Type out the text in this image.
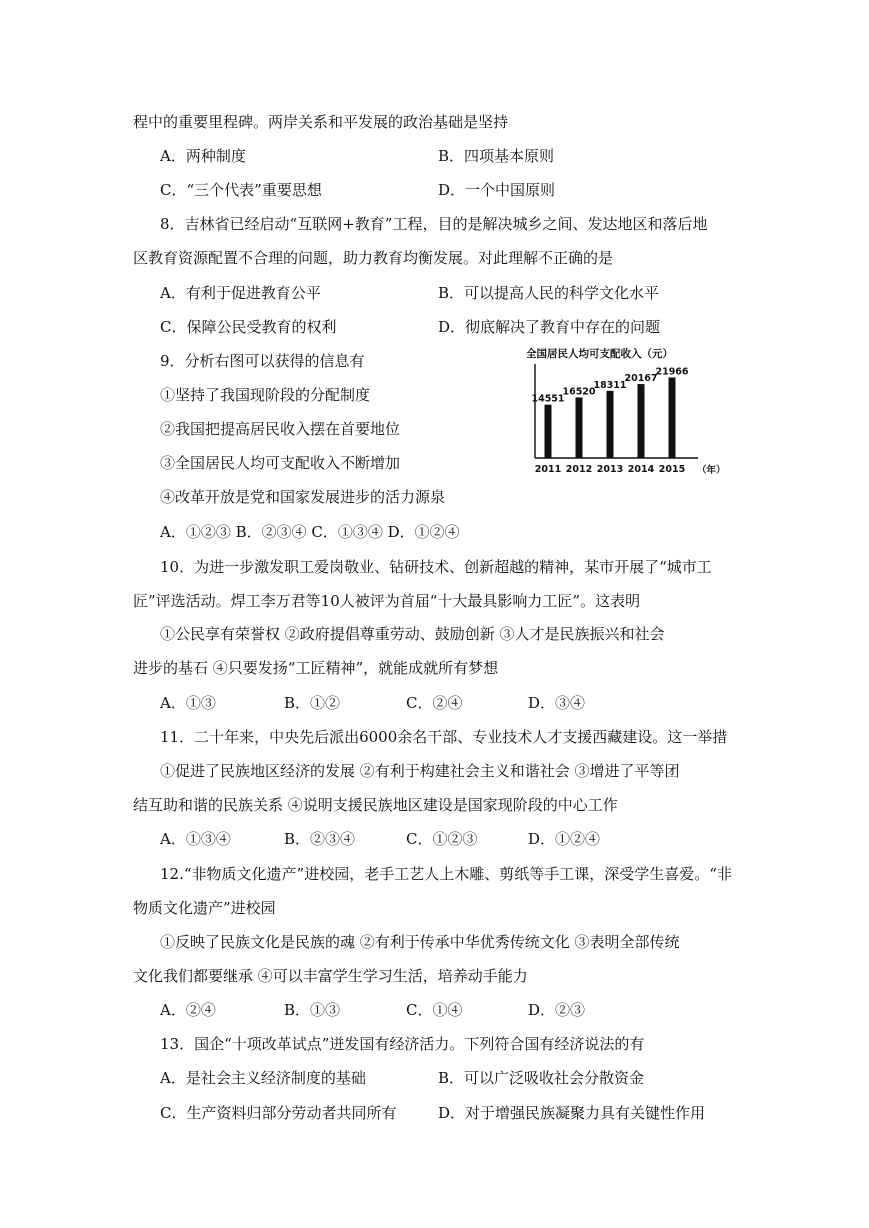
程中的重要里程碑。两岸关系和平发展的政治基础是坚持
A．两种制度	B．四项基本原则
C．“三个代表”重要思想	D．一个中国原则
8．吉林省已经启动“互联网+教育”工程，目的是解决城乡之间、发达地区和落后地
区教育资源配置不合理的问题，助力教育均衡发展。对此理解不正确的是
A．有利于促进教育公平	B．可以提高人民的科学文化水平
C．保障公民受教育的权利	D．彻底解决了教育中存在的问题
9．分析右图可以获得的信息有
①坚持了我国现阶段的分配制度
②我国把提高居民收入摆在首要地位
③全国居民人均可支配收入不断增加
④改革开放是党和国家发展进步的活力源泉
A．①②③ B．②③④ C．①③④ D．①②④
10．为进一步激发职工爱岗敬业、钻研技术、创新超越的精神，某市开展了“城市工
匠”评选活动。焊工李万君等10人被评为首届“十大最具影响力工匠”。这表明
①公民享有荣誉权 ②政府提倡尊重劳动、鼓励创新 ③人才是民族振兴和社会
进步的基石 ④只要发扬“工匠精神”，就能成就所有梦想
A．①③	B．①②	C．②④	D．③④
11．二十年来，中央先后派出6000余名干部、专业技术人才支援西藏建设。这一举措
①促进了民族地区经济的发展 ②有利于构建社会主义和谐社会 ③增进了平等团
结互助和谐的民族关系 ④说明支援民族地区建设是国家现阶段的中心工作
A．①③④	B．②③④	C．①②③	D．①②④
12.“非物质文化遗产”进校园，老手工艺人上木雕、剪纸等手工课，深受学生喜爱。“非
物质文化遗产”进校园
①反映了民族文化是民族的魂 ②有利于传承中华优秀传统文化 ③表明全部传统
文化我们都要继承 ④可以丰富学生学习生活，培养动手能力
A．②④	B．①③	C．①④	D．②③
13．国企“十项改革试点”迸发国有经济活力。下列符合国有经济说法的有
A．是社会主义经济制度的基础	B．可以广泛吸收社会分散资金
C．生产资料归部分劳动者共同所有	D．对于增强民族凝聚力具有关键性作用
全国居民人均可支配收入（元）
（年）
14551
2011
16520
2012
18311
2013
20167
2014
21966
2015
